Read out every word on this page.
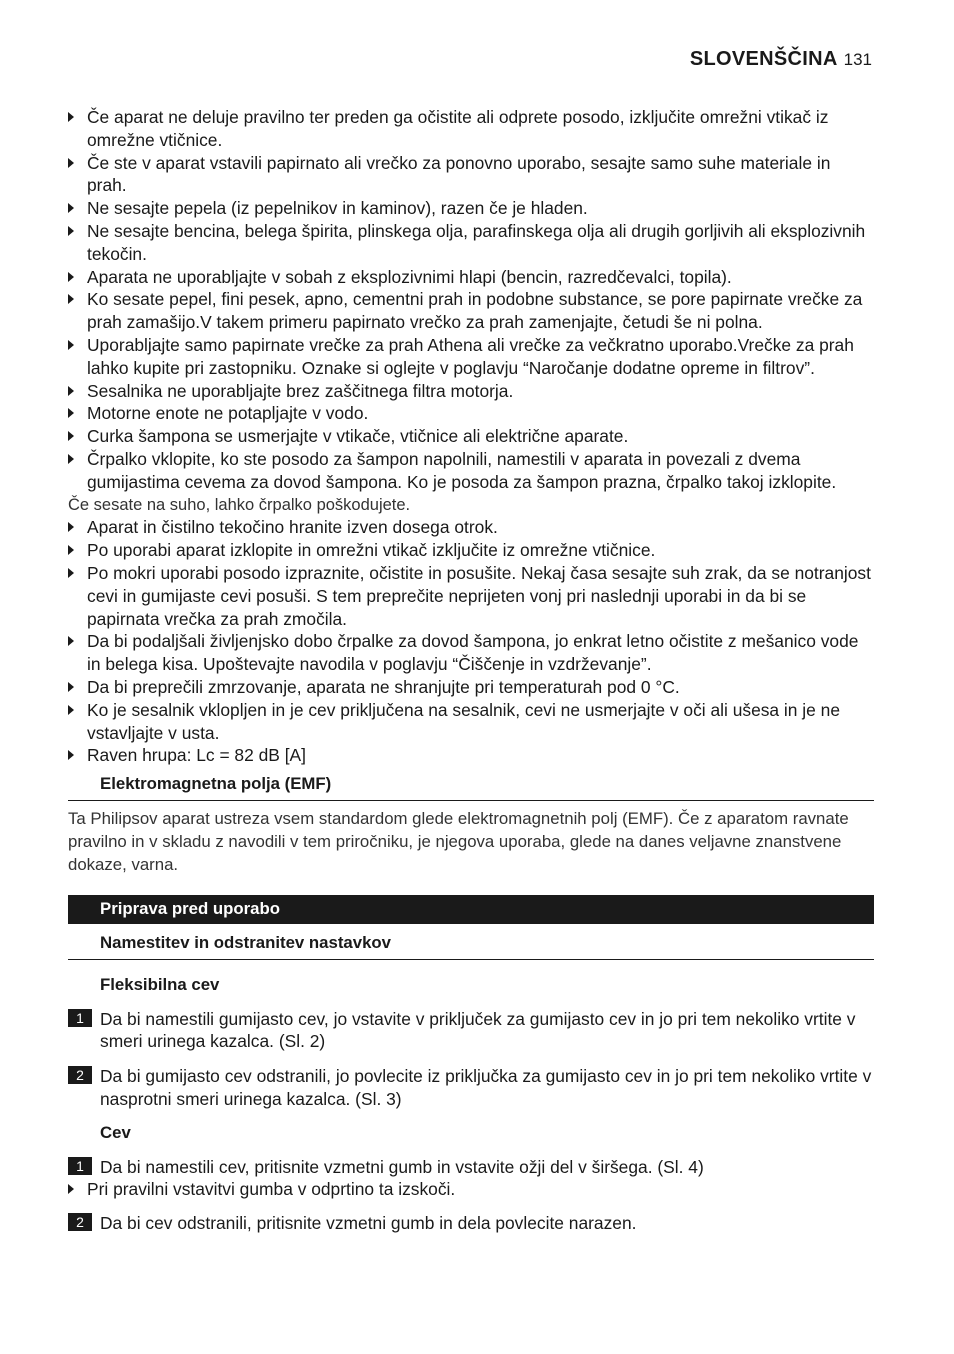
SLOVENŠČINA 131
Če aparat ne deluje pravilno ter preden ga očistite ali odprete posodo, izključite omrežni vtikač iz omrežne vtičnice.
Če ste v aparat vstavili papirnato ali vrečko za ponovno uporabo, sesajte samo suhe materiale in prah.
Ne sesajte pepela (iz pepelnikov in kaminov), razen če je hladen.
Ne sesajte bencina, belega špirita, plinskega olja, parafinskega olja ali drugih gorljivih ali eksplozivnih tekočin.
Aparata ne uporabljajte v sobah z eksplozivnimi hlapi (bencin, razredčevalci, topila).
Ko sesate pepel, fini pesek, apno, cementni prah in podobne substance, se pore papirnate vrečke za prah zamašijo.V takem primeru papirnato vrečko za prah zamenjajte, četudi še ni polna.
Uporabljajte samo papirnate vrečke za prah Athena ali vrečke za večkratno uporabo.Vrečke za prah lahko kupite pri zastopniku. Oznake si oglejte v poglavju “Naročanje dodatne opreme in filtrov”.
Sesalnika ne uporabljajte brez zaščitnega filtra motorja.
Motorne enote ne potapljajte v vodo.
Curka šampona se usmerjajte v vtikače, vtičnice ali električne aparate.
Črpalko vklopite, ko ste posodo za šampon napolnili, namestili v aparata in povezali z dvema gumijastima cevema za dovod šampona. Ko je posoda za šampon prazna, črpalko takoj izklopite.
Če sesate na suho, lahko črpalko poškodujete.
Aparat in čistilno tekočino hranite izven dosega otrok.
Po uporabi aparat izklopite in omrežni vtikač izključite iz omrežne vtičnice.
Po mokri uporabi posodo izpraznite, očistite in posušite. Nekaj časa sesajte suh zrak, da se notranjost cevi in gumijaste cevi posuši. S tem preprečite neprijeten vonj pri naslednji uporabi in da bi se papirnata vrečka za prah zmočila.
Da bi podaljšali življenjsko dobo črpalke za dovod šampona, jo enkrat letno očistite z mešanico vode in belega kisa. Upoštevajte navodila v poglavju “Čiščenje in vzdrževanje”.
Da bi preprečili zmrzovanje, aparata ne shranjujte pri temperaturah pod 0 °C.
Ko je sesalnik vklopljen in je cev priključena na sesalnik, cevi ne usmerjajte v oči ali ušesa in je ne vstavljajte v usta.
Raven hrupa: Lc = 82 dB [A]
Elektromagnetna polja (EMF)
Ta Philipsov aparat ustreza vsem standardom glede elektromagnetnih polj (EMF). Če z aparatom ravnate pravilno in v skladu z navodili v tem priročniku, je njegova uporaba, glede na danes veljavne znanstvene dokaze, varna.
Priprava pred uporabo
Namestitev in odstranitev nastavkov
Fleksibilna cev
1 Da bi namestili gumijasto cev, jo vstavite v priključek za gumijasto cev in jo pri tem nekoliko vrtite v smeri urinega kazalca. (Sl. 2)
2 Da bi gumijasto cev odstranili, jo povlecite iz priključka za gumijasto cev in jo pri tem nekoliko vrtite v nasprotni smeri urinega kazalca. (Sl. 3)
Cev
1 Da bi namestili cev, pritisnite vzmetni gumb in vstavite ožji del v širšega. (Sl. 4)
Pri pravilni vstavitvi gumba v odprtino ta izskoči.
2 Da bi cev odstranili, pritisnite vzmetni gumb in dela povlecite narazen.
